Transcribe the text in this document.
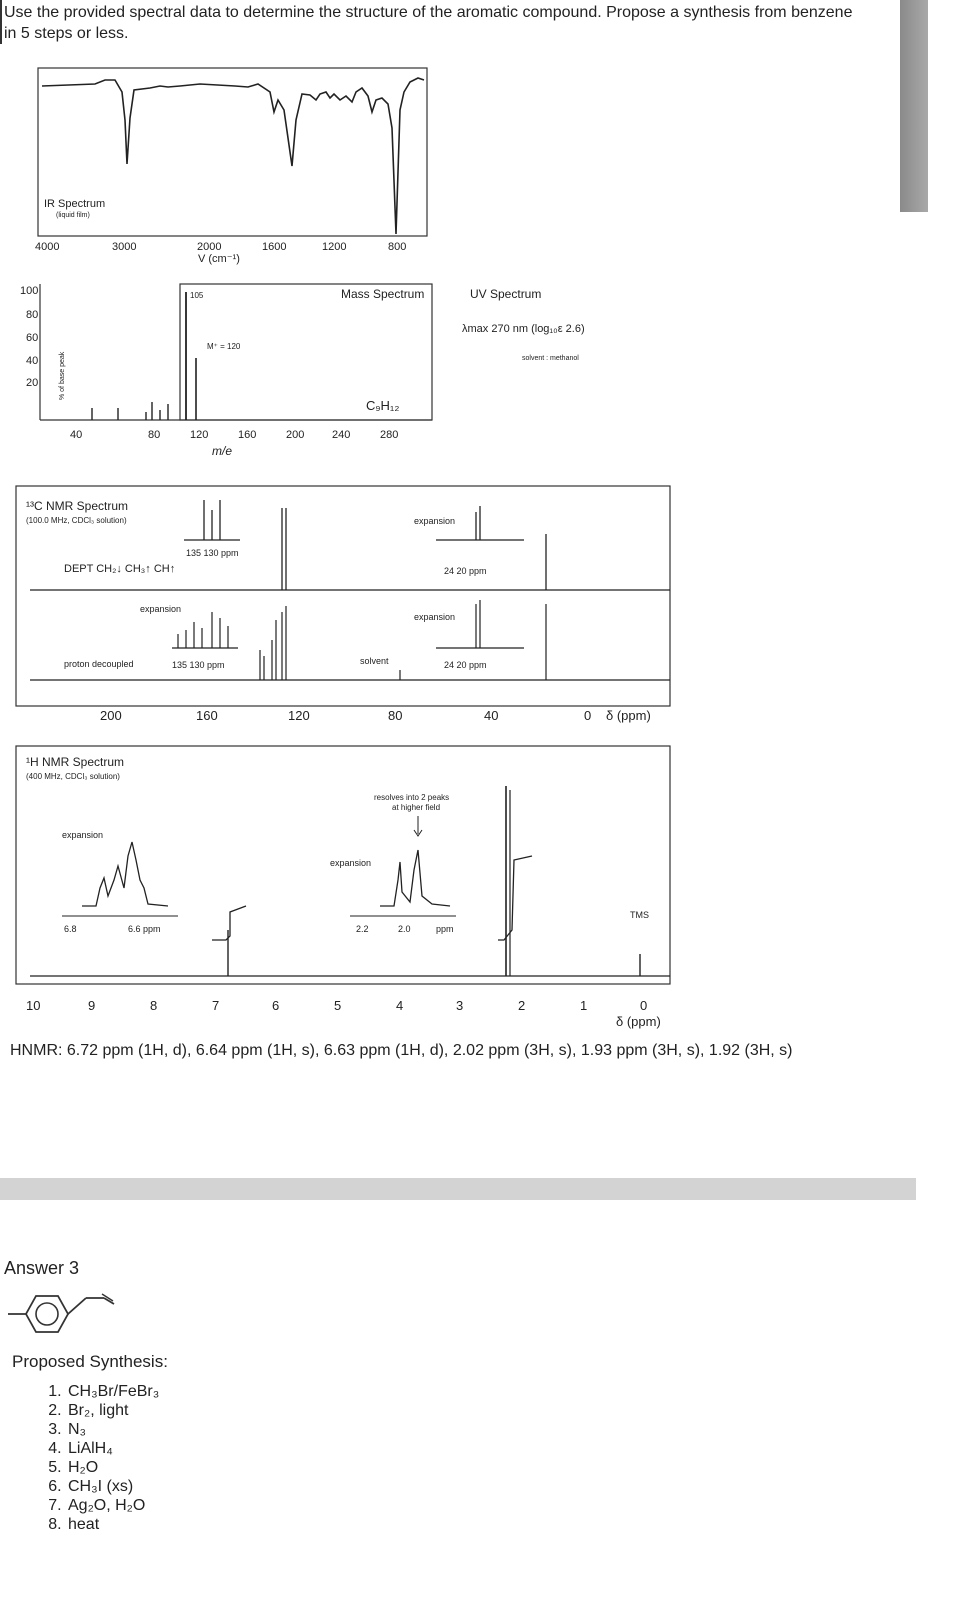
Use the provided spectral data to determine the structure of the aromatic compound. Propose a synthesis from benzene in 5 steps or less.
IR Spectrum
(liquid film)
4000	3000	2000	1600	1200	800
V (cm⁻¹)
100
80
60
40
20	% of base peak
105
M⁺ = 120
Mass Spectrum
C₉H₁₂
40	80	120	160	200	240	280
m/e
UV Spectrum
λmax 270 nm (log₁₀ε 2.6)
solvent : methanol
¹³C NMR Spectrum
(100.0 MHz, CDCl₃ solution)
DEPT CH₂↓ CH₃↑ CH↑
135 130 ppm
expansion
24 20 ppm
expansion
proton decoupled	135 130 ppm
expansion
solvent	24 20 ppm
200	160	120	80	40	0 δ (ppm)
¹H NMR Spectrum
(400 MHz, CDCl₃ solution)
expansion
6.8	6.6 ppm
expansion
resolves into 2 peaks
at higher field
2.2	2.0	ppm
TMS
10	9	8	7	6	5	4	3	2	1	0
δ (ppm)
HNMR: 6.72 ppm (1H, d), 6.64 ppm (1H, s), 6.63 ppm (1H, d), 2.02 ppm (3H, s), 1.93 ppm (3H, s), 1.92 (3H, s)
Answer 3
Proposed Synthesis:
1. CH₃Br/FeBr₃
2. Br₂, light
3. N₃
4. LiAlH₄
5. H₂O
6. CH₃I (xs)
7. Ag₂O, H₂O
8. heat
